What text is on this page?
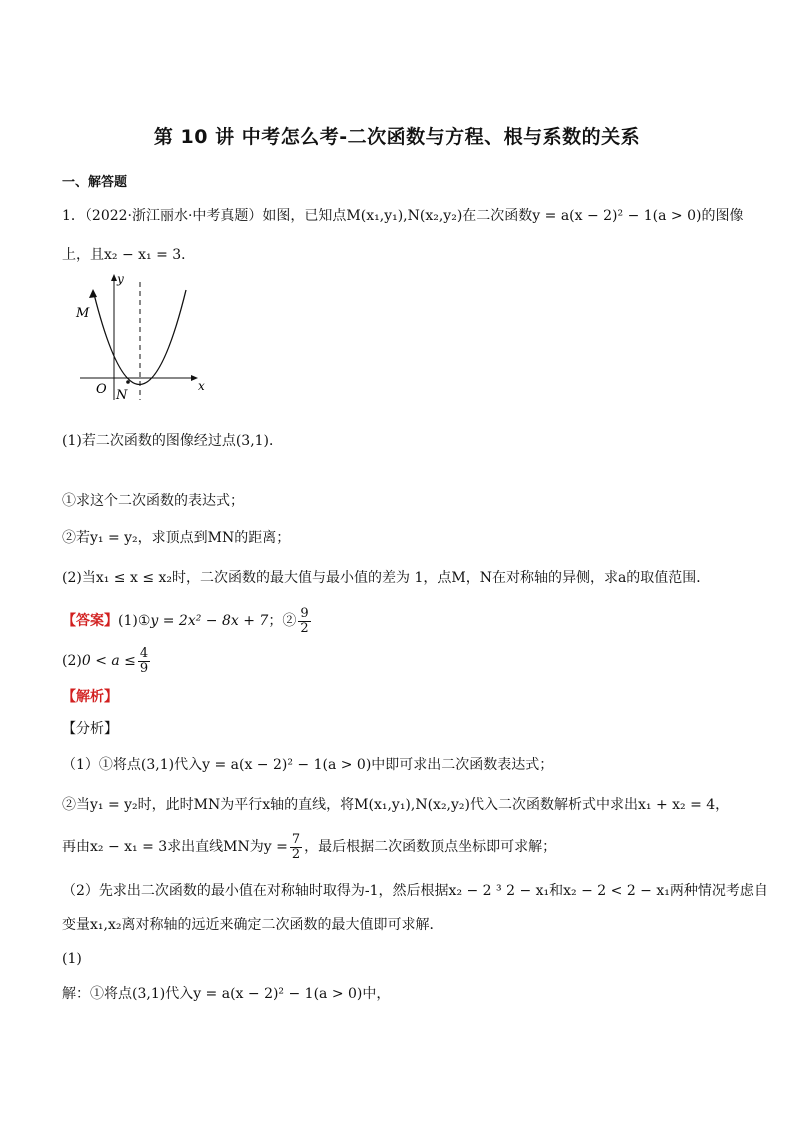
第 10 讲 中考怎么考-二次函数与方程、根与系数的关系
一、解答题
1．（2022·浙江丽水·中考真题）如图，已知点M(x₁,y₁),N(x₂,y₂)在二次函数y = a(x − 2)² − 1(a > 0)的图像
上，且x₂ − x₁ = 3．
y
x
O
M
N
(1)若二次函数的图像经过点(3,1)．
①求这个二次函数的表达式；
②若y₁ = y₂，求顶点到MN的距离；
(2)当x₁ ≤ x ≤ x₂时，二次函数的最大值与最小值的差为 1，点M，N在对称轴的异侧，求a的取值范围．
【答案】(1)①y = 2x² − 8x + 7；② $\frac{9}{2}$
$(2)0 < a \le \frac{4}{9}$
【解析】
【分析】
（1）①将点(3,1)代入y = a(x − 2)² − 1(a > 0)中即可求出二次函数表达式；
②当y₁ = y₂时，此时MN为平行x轴的直线，将M(x₁,y₁),N(x₂,y₂)代入二次函数解析式中求出x₁ + x₂ = 4，
再由x₂ − x₁ = 3求出直线MN为$y = \frac{7}{2}$ ，最后根据二次函数顶点坐标即可求解；
（2）先求出二次函数的最小值在对称轴时取得为-1，然后根据x₂ − 2 ³ 2 − x₁和x₂ − 2 < 2 − x₁两种情况考虑自
变量x₁,x₂离对称轴的远近来确定二次函数的最大值即可求解．
(1)
解：①将点(3,1)代入y = a(x − 2)² − 1(a > 0)中，
